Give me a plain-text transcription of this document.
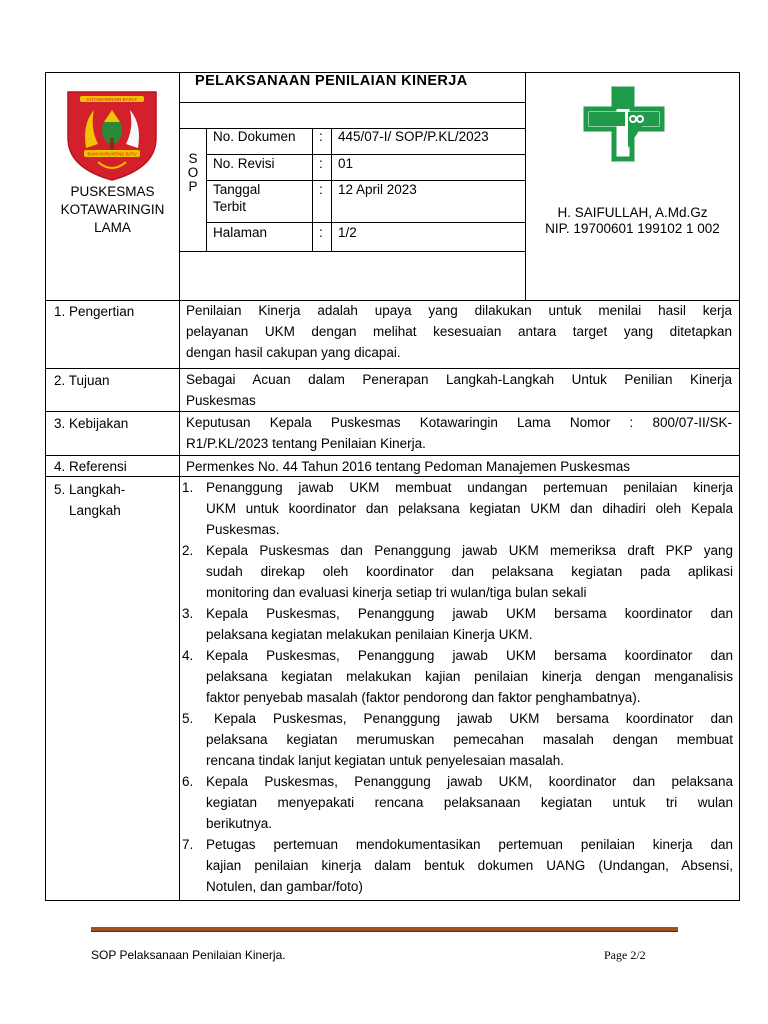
KOTAWARINGIN BARAT
BUMI MARUNTING BATU
PUSKESMAS
KOTAWARINGIN
LAMA
PELAKSANAAN PENILAIAN KINERJA
S
O
P
No. Dokumen : 445/07-I/ SOP/P.KL/2023
No. Revisi	: 01
Tanggal
Terbit
: 12 April 2023
Halaman	: 1/2
H. SAIFULLAH, A.Md.Gz
NIP. 19700601 199102 1 002
1. Pengertian	Penilaian Kinerja adalah upaya yang dilakukan untuk menilai hasil kerja
pelayanan UKM dengan melihat kesesuaian antara target yang ditetapkan
dengan hasil cakupan yang dicapai.
2. Tujuan	Sebagai Acuan dalam Penerapan Langkah-Langkah Untuk Penilian Kinerja
Puskesmas
3. Kebijakan	Keputusan Kepala Puskesmas Kotawaringin Lama Nomor : 800/07-II/SK-
R1/P.KL/2023 tentang Penilaian Kinerja.
4. Referensi	Permenkes No. 44 Tahun 2016 tentang Pedoman Manajemen Puskesmas
5. Langkah-
Langkah
1. Penanggung jawab UKM membuat undangan pertemuan penilaian kinerja
UKM untuk koordinator dan pelaksana kegiatan UKM dan dihadiri oleh Kepala
Puskesmas.
2. Kepala Puskesmas dan Penanggung jawab UKM memeriksa draft PKP yang
sudah direkap oleh koordinator dan pelaksana kegiatan pada aplikasi
monitoring dan evaluasi kinerja setiap tri wulan/tiga bulan sekali
3. Kepala Puskesmas, Penanggung jawab UKM bersama koordinator dan
pelaksana kegiatan melakukan penilaian Kinerja UKM.
4. Kepala Puskesmas, Penanggung jawab UKM bersama koordinator dan
pelaksana kegiatan melakukan kajian penilaian kinerja dengan menganalisis
faktor penyebab masalah (faktor pendorong dan faktor penghambatnya).
5.	Kepala Puskesmas, Penanggung jawab UKM bersama koordinator dan
pelaksana kegiatan merumuskan pemecahan masalah dengan membuat
rencana tindak lanjut kegiatan untuk penyelesaian masalah.
6. Kepala Puskesmas, Penanggung jawab UKM, koordinator dan pelaksana
kegiatan menyepakati rencana pelaksanaan kegiatan untuk tri wulan
berikutnya.
7. Petugas pertemuan mendokumentasikan pertemuan penilaian kinerja dan
kajian penilaian kinerja dalam bentuk dokumen UANG (Undangan, Absensi,
Notulen, dan gambar/foto)
SOP Pelaksanaan Penilaian Kinerja.	Page 2/2
